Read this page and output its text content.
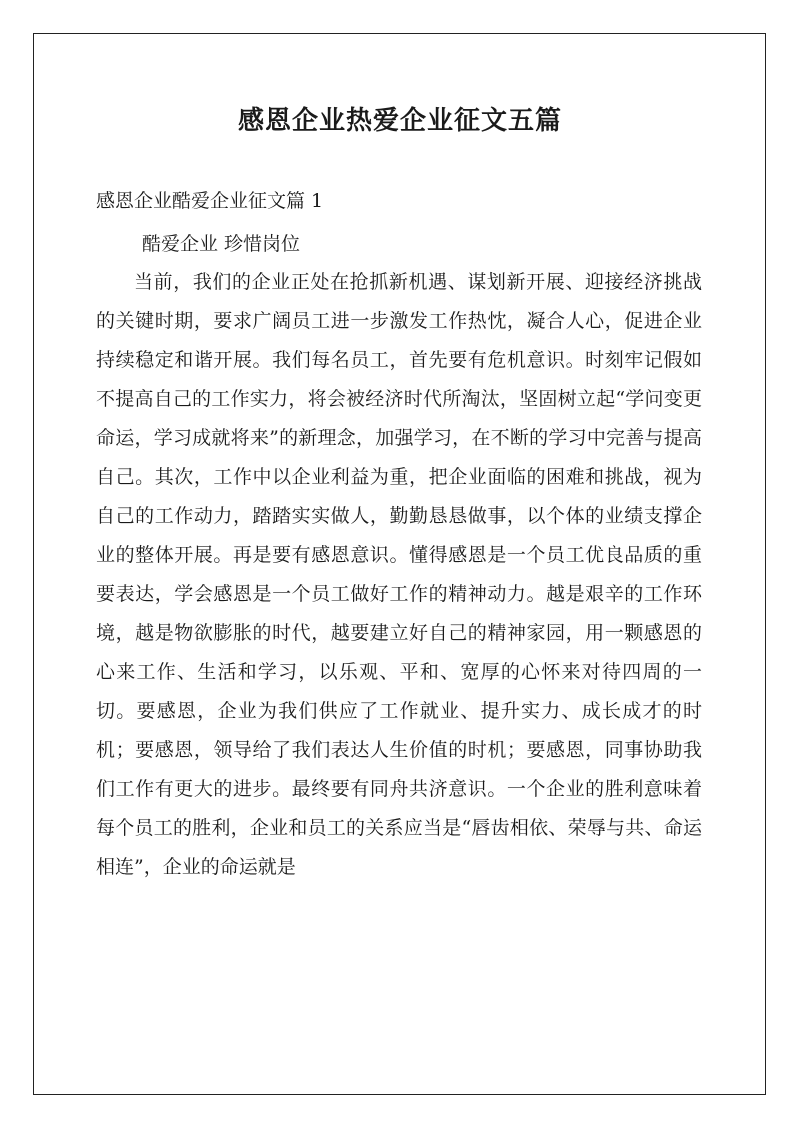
感恩企业热爱企业征文五篇
感恩企业酷爱企业征文篇 1

酷爱企业 珍惜岗位

当前，我们的企业正处在抢抓新机遇、谋划新开展、迎接经济挑战的关键时期，要求广阔员工进一步激发工作热忱，凝合人心，促进企业持续稳定和谐开展。我们每名员工，首先要有危机意识。时刻牢记假如不提高自己的工作实力，将会被经济时代所淘汰，坚固树立起“学问变更命运，学习成就将来”的新理念，加强学习，在不断的学习中完善与提高自己。其次，工作中以企业利益为重，把企业面临的困难和挑战，视为自己的工作动力，踏踏实实做人，勤勤恳恳做事，以个体的业绩支撑企业的整体开展。再是要有感恩意识。懂得感恩是一个员工优良品质的重要表达，学会感恩是一个员工做好工作的精神动力。越是艰辛的工作环境，越是物欲膨胀的时代，越要建立好自己的精神家园，用一颗感恩的心来工作、生活和学习，以乐观、平和、宽厚的心怀来对待四周的一切。要感恩，企业为我们供应了工作就业、提升实力、成长成才的时机；要感恩，领导给了我们表达人生价值的时机；要感恩，同事协助我们工作有更大的进步。最终要有同舟共济意识。一个企业的胜利意味着每个员工的胜利，企业和员工的关系应当是“唇齿相依、荣辱与共、命运相连”，企业的命运就是
